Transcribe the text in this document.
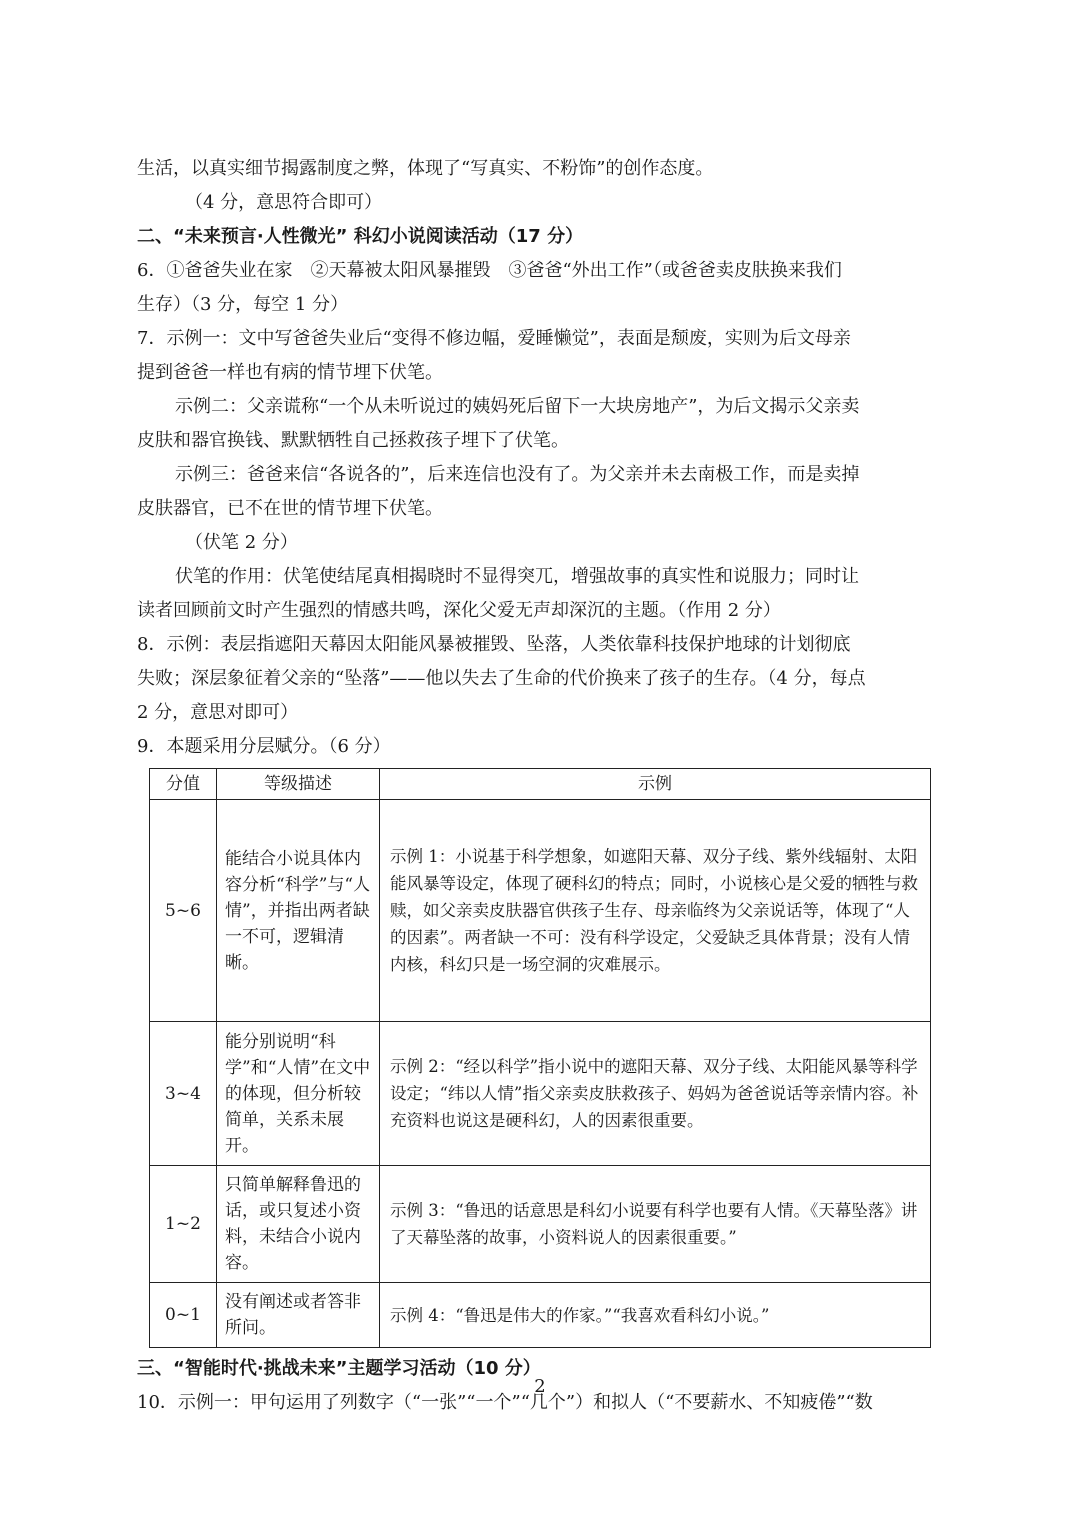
生活，以真实细节揭露制度之弊，体现了“写真实、不粉饰”的创作态度。
（4 分，意思符合即可）
二、“未来预言·人性微光” 科幻小说阅读活动（17 分）
6．①爸爸失业在家　②天幕被太阳风暴摧毁　③爸爸“外出工作”（或爸爸卖皮肤换来我们
生存）（3 分，每空 1 分）
7．示例一：文中写爸爸失业后“变得不修边幅，爱睡懒觉”，表面是颓废，实则为后文母亲
提到爸爸一样也有病的情节埋下伏笔。
示例二：父亲谎称“一个从未听说过的姨妈死后留下一大块房地产”，为后文揭示父亲卖
皮肤和器官换钱、默默牺牲自己拯救孩子埋下了伏笔。
示例三：爸爸来信“各说各的”，后来连信也没有了。为父亲并未去南极工作，而是卖掉
皮肤器官，已不在世的情节埋下伏笔。
（伏笔 2 分）
伏笔的作用：伏笔使结尾真相揭晓时不显得突兀，增强故事的真实性和说服力；同时让
读者回顾前文时产生强烈的情感共鸣，深化父爱无声却深沉的主题。（作用 2 分）
8．示例：表层指遮阳天幕因太阳能风暴被摧毁、坠落，人类依靠科技保护地球的计划彻底
失败；深层象征着父亲的“坠落”——他以失去了生命的代价换来了孩子的生存。（4 分，每点
2 分，意思对即可）
9．本题采用分层赋分。（6 分）
分值	等级描述	示例
5~6	能结合小说具体内容分析“科学”与“人情”，并指出两者缺一不可，逻辑清晰。	示例 1：小说基于科学想象，如遮阳天幕、双分子线、紫外线辐射、太阳能风暴等设定，体现了硬科幻的特点；同时，小说核心是父爱的牺牲与救赎，如父亲卖皮肤器官供孩子生存、母亲临终为父亲说话等，体现了“人的因素”。两者缺一不可：没有科学设定，父爱缺乏具体背景；没有人情内核，科幻只是一场空洞的灾难展示。
3~4	能分别说明“科学”和“人情”在文中的体现，但分析较简单，关系未展开。	示例 2：“经以科学”指小说中的遮阳天幕、双分子线、太阳能风暴等科学设定；“纬以人情”指父亲卖皮肤救孩子、妈妈为爸爸说话等亲情内容。补充资料也说这是硬科幻，人的因素很重要。
1~2	只简单解释鲁迅的话，或只复述小资料，未结合小说内容。	示例 3：“鲁迅的话意思是科幻小说要有科学也要有人情。《天幕坠落》讲了天幕坠落的故事，小资料说人的因素很重要。”
0~1	没有阐述或者答非所问。	示例 4：“鲁迅是伟大的作家。”“我喜欢看科幻小说。”
三、“智能时代·挑战未来”主题学习活动（10 分）
10．示例一：甲句运用了列数字（“一张”“一个”“几个”）和拟人（“不要薪水、不知疲倦”“数
2
